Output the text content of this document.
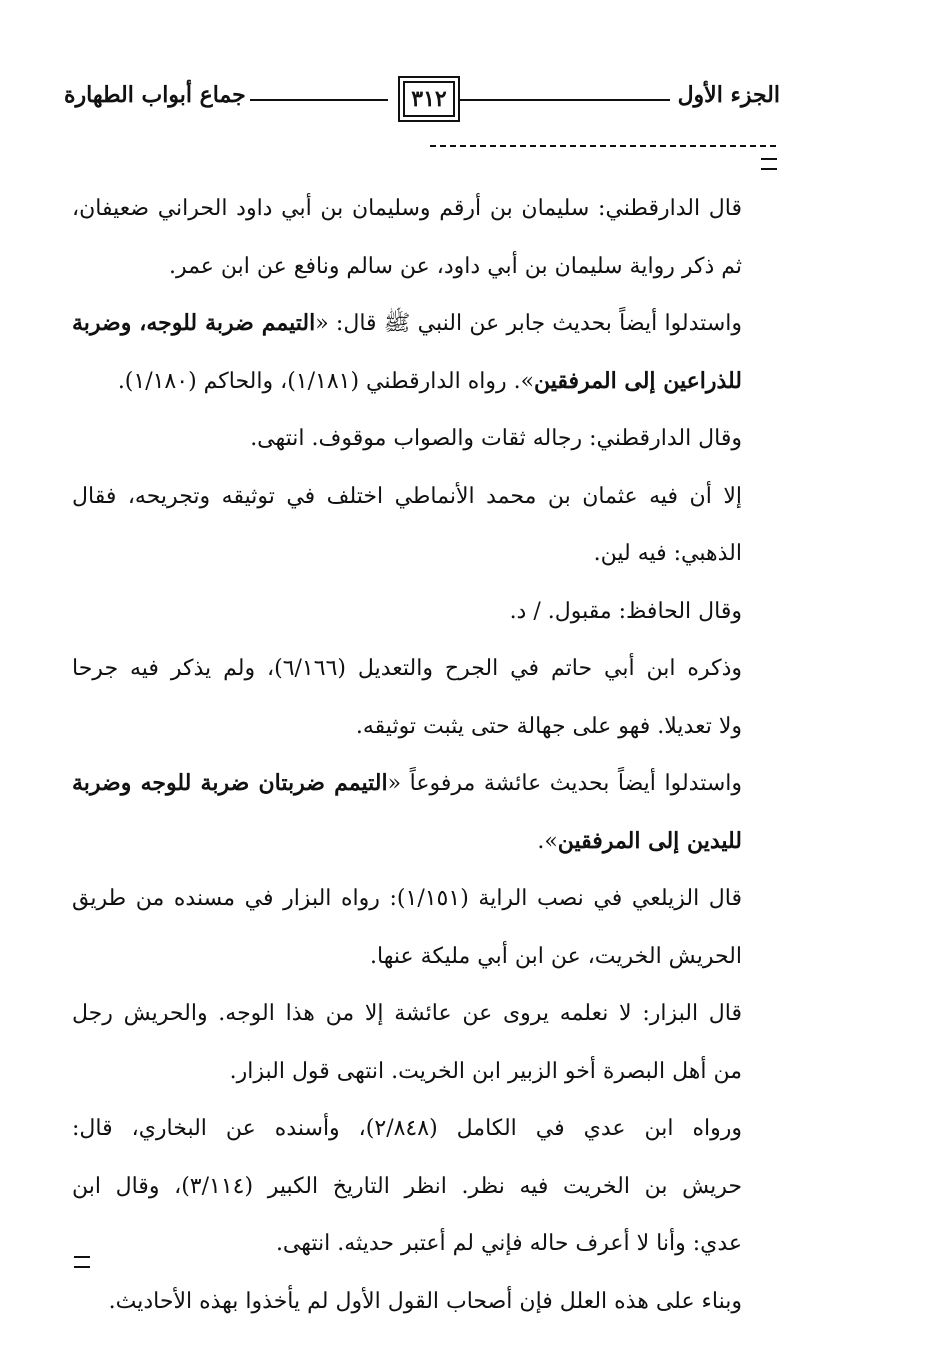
الجزء الأول
٣١٢
جماع أبواب الطهارة
قال الدارقطني: سليمان بن أرقم وسليمان بن أبي داود الحراني ضعيفان،
ثم ذكر رواية سليمان بن أبي داود، عن سالم ونافع عن ابن عمر.
واستدلوا أيضاً بحديث جابر عن النبي ﷺ قال: «التيمم ضربة للوجه، وضربة
للذراعين إلى المرفقين». رواه الدارقطني (١/١٨١)، والحاكم (١/١٨٠).
وقال الدارقطني: رجاله ثقات والصواب موقوف. انتهى.
إلا أن فيه عثمان بن محمد الأنماطي اختلف في توثيقه وتجريحه، فقال
الذهبي: فيه لين.
وقال الحافظ: مقبول. / د.
وذكره ابن أبي حاتم في الجرح والتعديل (٦/١٦٦)، ولم يذكر فيه جرحا
ولا تعديلا. فهو على جهالة حتى يثبت توثيقه.
واستدلوا أيضاً بحديث عائشة مرفوعاً «التيمم ضربتان ضربة للوجه وضربة
لليدين إلى المرفقين».
قال الزيلعي في نصب الراية (١/١٥١): رواه البزار في مسنده من طريق
الحريش الخريت، عن ابن أبي مليكة عنها.
قال البزار: لا نعلمه يروى عن عائشة إلا من هذا الوجه. والحريش رجل
من أهل البصرة أخو الزبير ابن الخريت. انتهى قول البزار.
ورواه ابن عدي في الكامل (٢/٨٤٨)، وأسنده عن البخاري، قال:
حريش بن الخريت فيه نظر. انظر التاريخ الكبير (٣/١١٤)، وقال ابن
عدي: وأنا لا أعرف حاله فإني لم أعتبر حديثه. انتهى.
وبناء على هذه العلل فإن أصحاب القول الأول لم يأخذوا بهذه الأحاديث.
